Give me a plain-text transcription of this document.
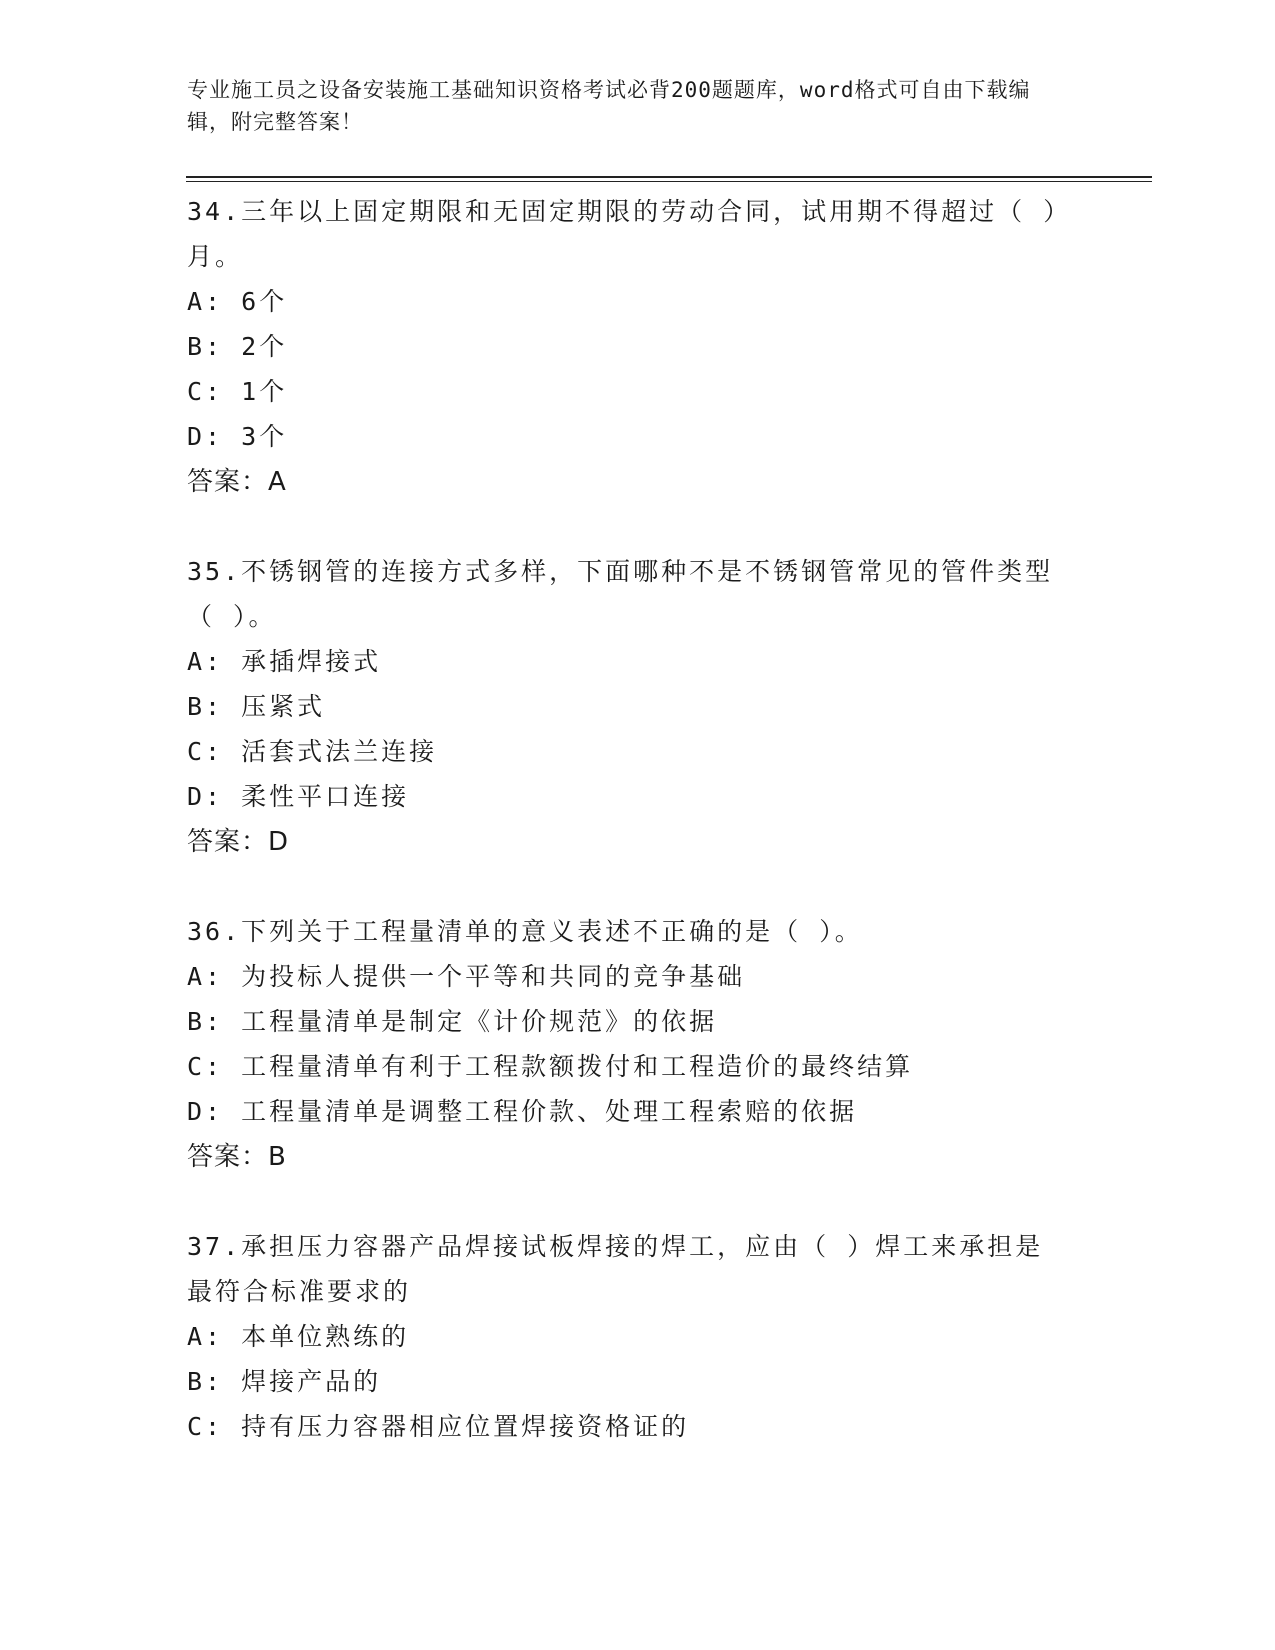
专业施工员之设备安装施工基础知识资格考试必背200题题库，word格式可自由下载编辑，附完整答案！
34.三年以上固定期限和无固定期限的劳动合同，试用期不得超过（ ）月。
A: 6个
B: 2个
C: 1个
D: 3个
答案：A
35.不锈钢管的连接方式多样，下面哪种不是不锈钢管常见的管件类型（ ）。
A: 承插焊接式
B: 压紧式
C: 活套式法兰连接
D: 柔性平口连接
答案：D
36.下列关于工程量清单的意义表述不正确的是（ ）。
A: 为投标人提供一个平等和共同的竞争基础
B: 工程量清单是制定《计价规范》的依据
C: 工程量清单有利于工程款额拨付和工程造价的最终结算
D: 工程量清单是调整工程价款、处理工程索赔的依据
答案：B
37.承担压力容器产品焊接试板焊接的焊工，应由（ ）焊工来承担是最符合标准要求的
A: 本单位熟练的
B: 焊接产品的
C: 持有压力容器相应位置焊接资格证的
